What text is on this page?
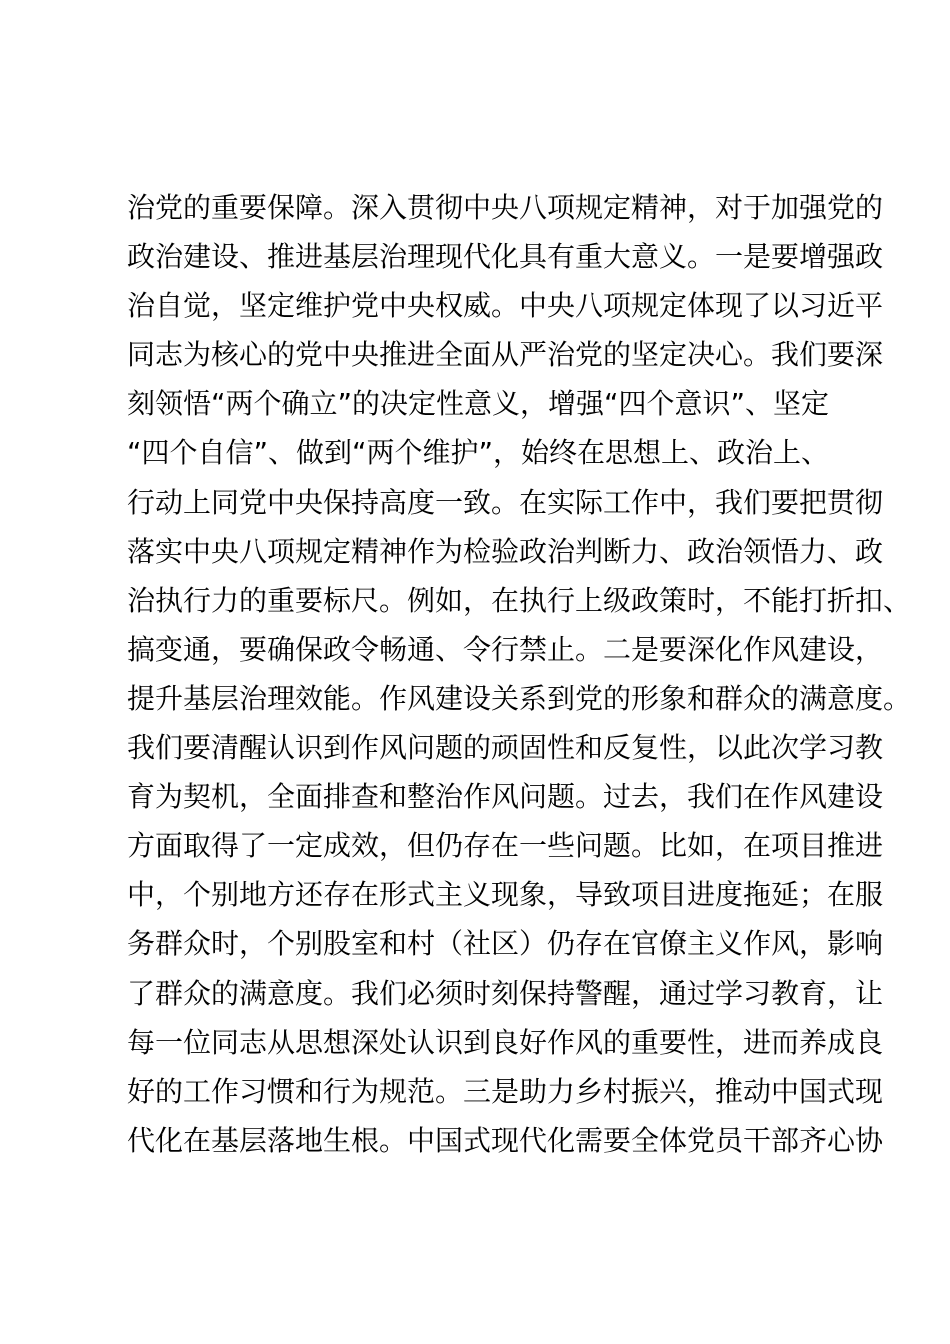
治党的重要保障。深入贯彻中央八项规定精神，对于加强党的
政治建设、推进基层治理现代化具有重大意义。一是要增强政
治自觉，坚定维护党中央权威。中央八项规定体现了以习近平
同志为核心的党中央推进全面从严治党的坚定决心。我们要深
刻领悟“两个确立”的决定性意义，增强“四个意识”、坚定
“四个自信”、做到“两个维护”，始终在思想上、政治上、
行动上同党中央保持高度一致。在实际工作中，我们要把贯彻
落实中央八项规定精神作为检验政治判断力、政治领悟力、政
治执行力的重要标尺。例如，在执行上级政策时，不能打折扣、
搞变通，要确保政令畅通、令行禁止。二是要深化作风建设，
提升基层治理效能。作风建设关系到党的形象和群众的满意度。
我们要清醒认识到作风问题的顽固性和反复性，以此次学习教
育为契机，全面排查和整治作风问题。过去，我们在作风建设
方面取得了一定成效，但仍存在一些问题。比如，在项目推进
中，个别地方还存在形式主义现象，导致项目进度拖延；在服
务群众时，个别股室和村（社区）仍存在官僚主义作风，影响
了群众的满意度。我们必须时刻保持警醒，通过学习教育，让
每一位同志从思想深处认识到良好作风的重要性，进而养成良
好的工作习惯和行为规范。三是助力乡村振兴，推动中国式现
代化在基层落地生根。中国式现代化需要全体党员干部齐心协
